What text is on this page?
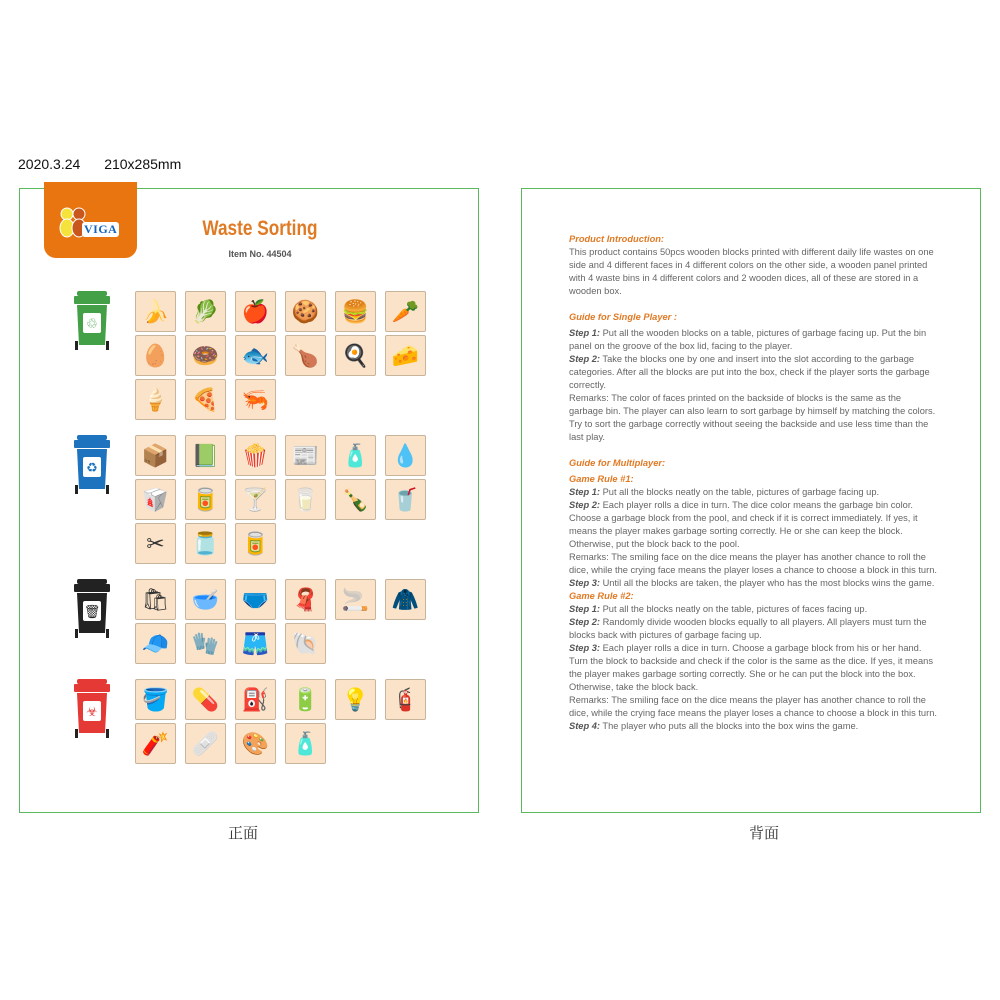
2020.3.24 210x285mm
VIGA	Waste Sorting
Item No. 44504
♲	🍌	🥬	🍎	🍪	🍔	🥕
🥚	🍩	🐟	🍗	🍳	🧀
🍦	🍕	🦐
♻	📦	📗	🍿	📰	🧴	💧
🥡	🥫	🍸	🥛	🍾	🥤
✂	🫙	🥫
🗑 🛍	🥣	🩲	🧣	🚬	🧥
🧢	🧤	🩳	🐚
☣	🪣	💊	⛽	🔋	💡	🧯
🧨	🩹	🎨	🧴

Product Introduction:

This product contains 50pcs wooden blocks printed with different daily life wastes on one side and 4 different faces in 4 different colors on the other side, a wooden panel printed with 4 waste bins in 4 different colors and 2 wooden dices, all of these are stored in a wooden box.

Guide for Single Player :

Step 1: Put all the wooden blocks on a table, pictures of garbage facing up. Put the bin panel on the groove of the box lid, facing to the player.

Step 2: Take the blocks one by one and insert into the slot according to the garbage categories. After all the blocks are put into the box, check if the player sorts the garbage correctly.

Remarks: The color of faces printed on the backside of blocks is the same as the garbage bin. The player can also learn to sort garbage by himself by matching the colors.

Try to sort the garbage correctly without seeing the backside and use less time than the last play.

Guide for Multiplayer:

Game Rule #1:

Step 1: Put all the blocks neatly on the table, pictures of garbage facing up.

Step 2: Each player rolls a dice in turn. The dice color means the garbage bin color. Choose a garbage block from the pool, and check if it is correct immediately. If yes, it means the player makes garbage sorting correctly. He or she can keep the block. Otherwise, put the block back to the pool.

Remarks: The smiling face on the dice means the player has another chance to roll the dice, while the crying face means the player loses a chance to choose a block in this turn.

Step 3: Until all the blocks are taken, the player who has the most blocks wins the game.

Game Rule #2:

Step 1: Put all the blocks neatly on the table, pictures of faces facing up.

Step 2: Randomly divide wooden blocks equally to all players. All players must turn the blocks back with pictures of garbage facing up.

Step 3: Each player rolls a dice in turn. Choose a garbage block from his or her hand. Turn the block to backside and check if the color is the same as the dice. If yes, it means the player makes garbage sorting correctly. She or he can put the block into the box. Otherwise, take the block back.

Remarks: The smiling face on the dice means the player has another chance to roll the dice, while the crying face means the player loses a chance to choose a block in this turn.

Step 4: The player who puts all the blocks into the box wins the game.

正面	背面
